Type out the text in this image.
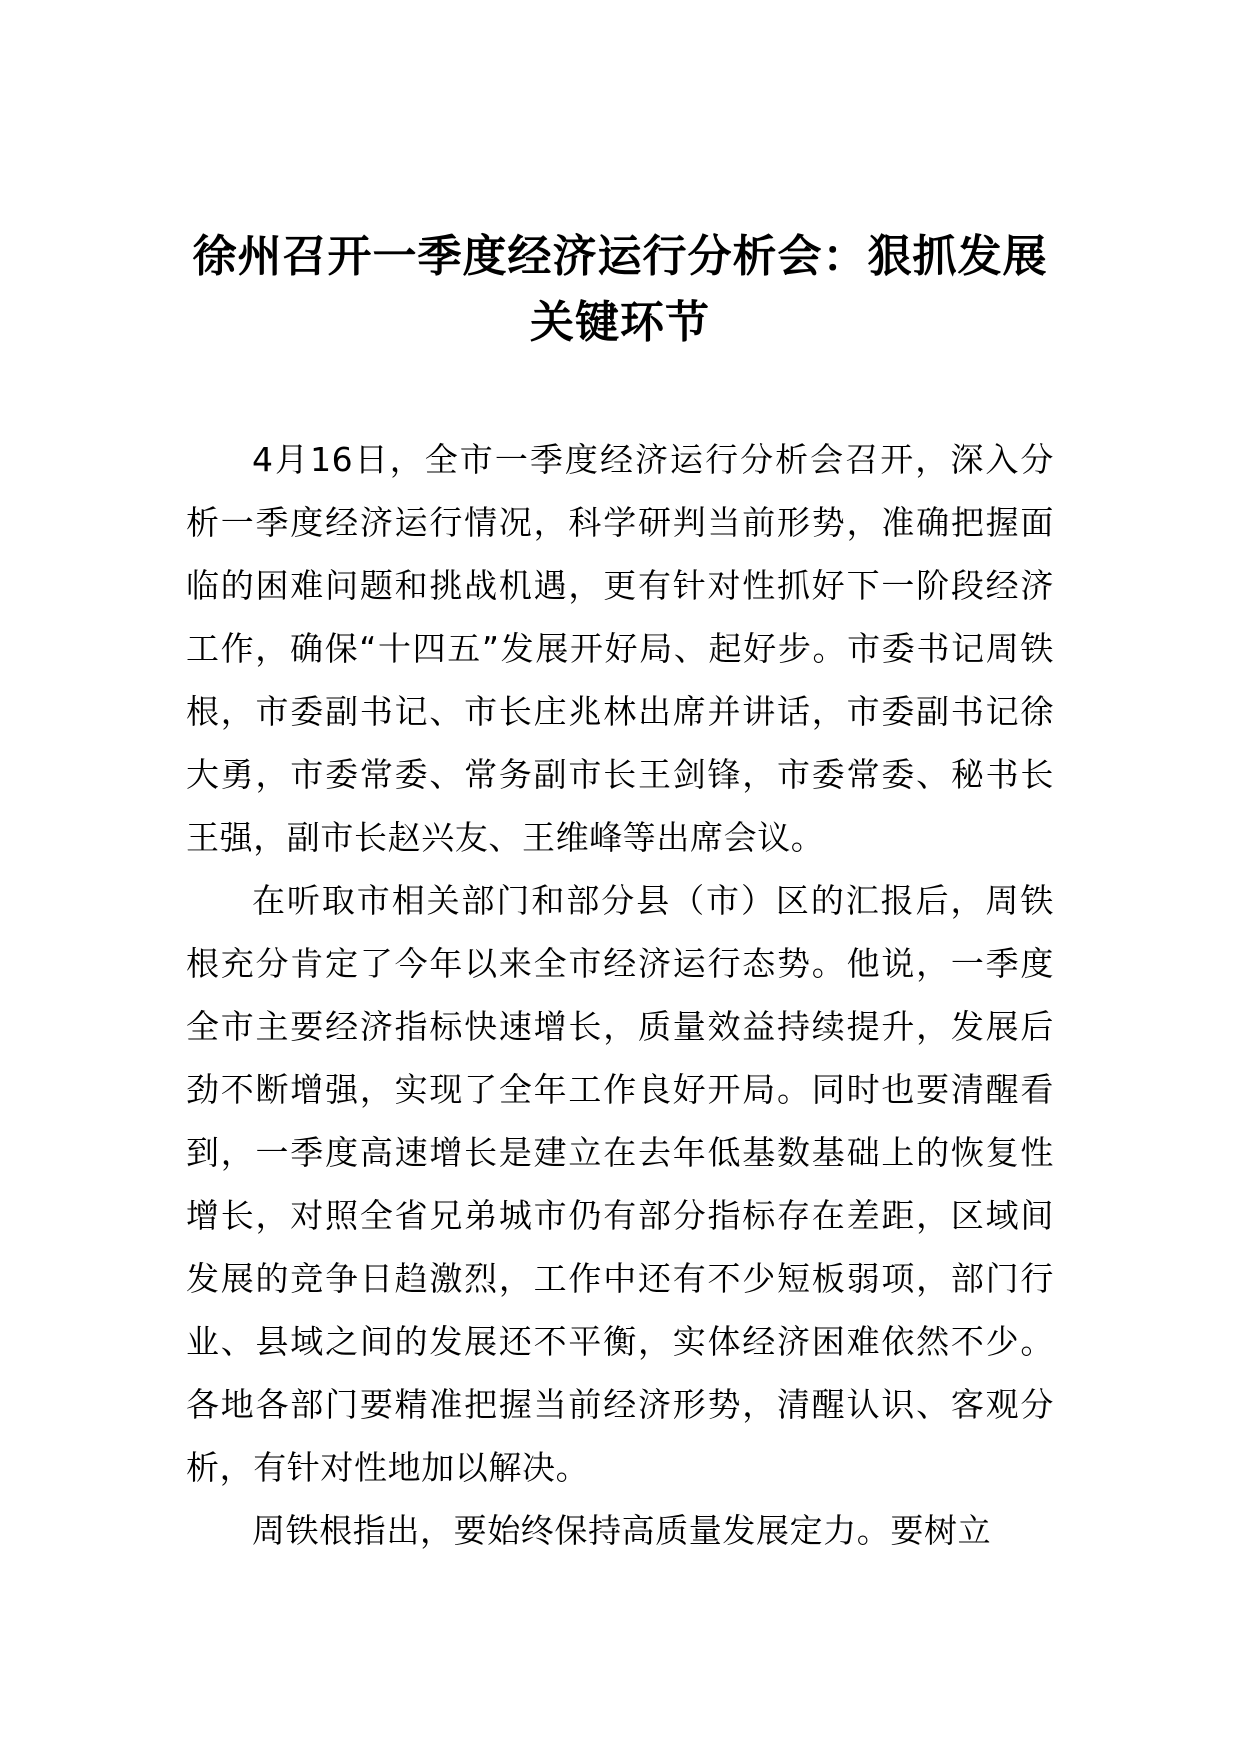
徐州召开一季度经济运行分析会：狠抓发展关键环节

4月16日，全市一季度经济运行分析会召开，深入分析一季度经济运行情况，科学研判当前形势，准确把握面临的困难问题和挑战机遇，更有针对性抓好下一阶段经济工作，确保“十四五”发展开好局、起好步。市委书记周铁根，市委副书记、市长庄兆林出席并讲话，市委副书记徐大勇，市委常委、常务副市长王剑锋，市委常委、秘书长王强，副市长赵兴友、王维峰等出席会议。

在听取市相关部门和部分县（市）区的汇报后，周铁根充分肯定了今年以来全市经济运行态势。他说，一季度全市主要经济指标快速增长，质量效益持续提升，发展后劲不断增强，实现了全年工作良好开局。同时也要清醒看到，一季度高速增长是建立在去年低基数基础上的恢复性增长，对照全省兄弟城市仍有部分指标存在差距，区域间发展的竞争日趋激烈，工作中还有不少短板弱项，部门行业、县域之间的发展还不平衡，实体经济困难依然不少。各地各部门要精准把握当前经济形势，清醒认识、客观分析，有针对性地加以解决。

周铁根指出，要始终保持高质量发展定力。要树立
